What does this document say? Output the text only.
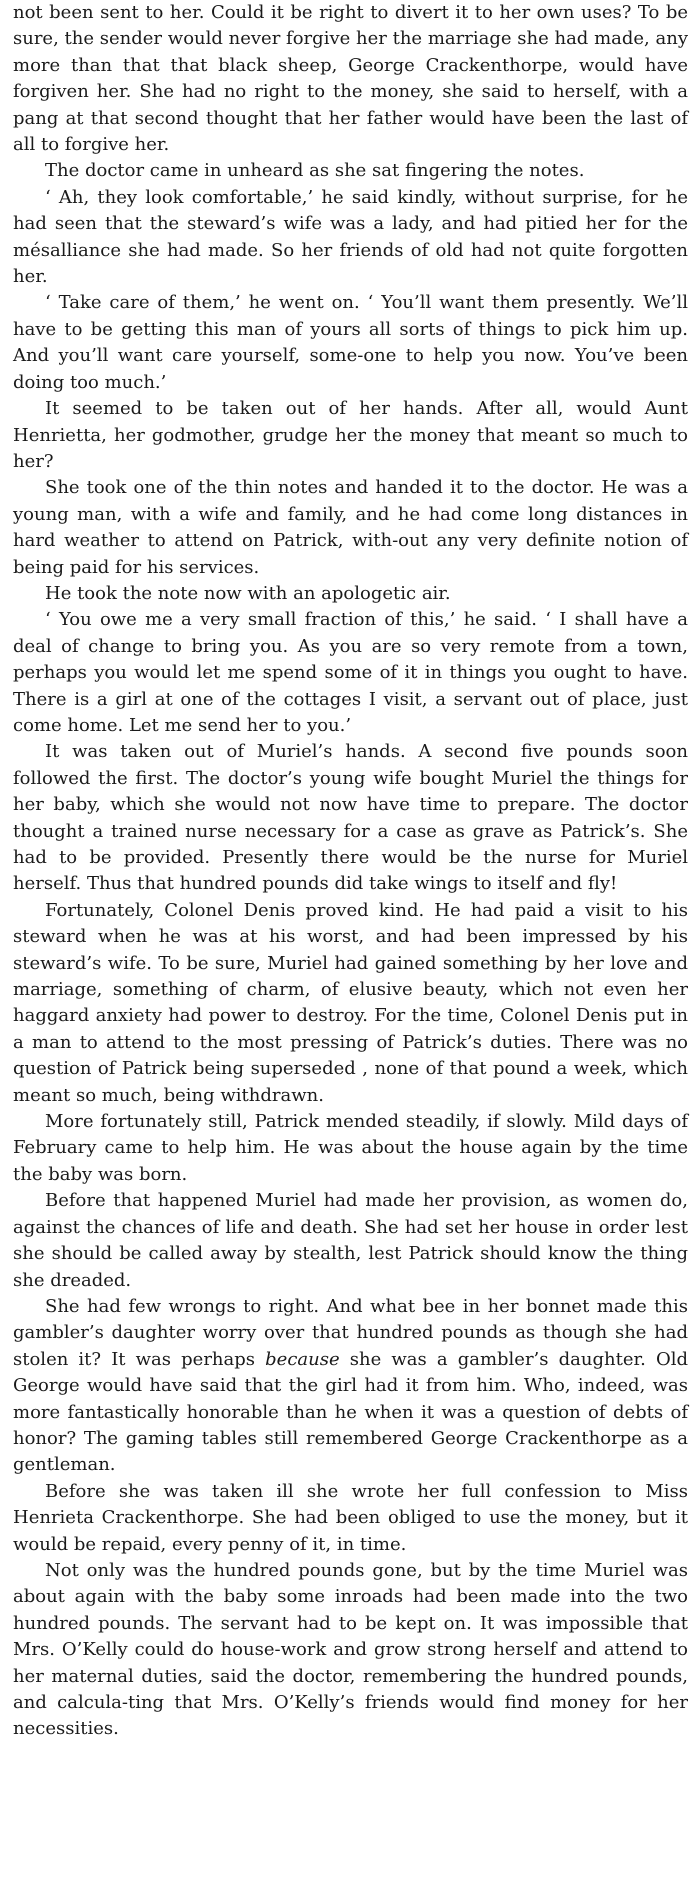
not been sent to her. Could it be right to divert it to her own uses? To be sure, the sender would never forgive her the marriage she had made, any more than that that black sheep, George Crackenthorpe, would have forgiven her. She had no right to the money, she said to herself, with a pang at that second thought that her father would have been the last of all to forgive her.

The doctor came in unheard as she sat fingering the notes.

‘ Ah, they look comfortable,’ he said kindly, without surprise, for he had seen that the steward’s wife was a lady, and had pitied her for the mésalliance she had made. So her friends of old had not quite forgotten her.

‘ Take care of them,’ he went on. ‘ You’ll want them presently. We’ll have to be getting this man of yours all sorts of things to pick him up. And you’ll want care yourself, some-one to help you now. You’ve been doing too much.’

It seemed to be taken out of her hands. After all, would Aunt Henrietta, her godmother, grudge her the money that meant so much to her?

She took one of the thin notes and handed it to the doctor. He was a young man, with a wife and family, and he had come long distances in hard weather to attend on Patrick, with-out any very definite notion of being paid for his services.

He took the note now with an apologetic air.

‘ You owe me a very small fraction of this,’ he said. ‘ I shall have a deal of change to bring you. As you are so very remote from a town, perhaps you would let me spend some of it in things you ought to have. There is a girl at one of the cottages I visit, a servant out of place, just come home. Let me send her to you.’

It was taken out of Muriel’s hands. A second five pounds soon followed the first. The doctor’s young wife bought Muriel the things for her baby, which she would not now have time to prepare. The doctor thought a trained nurse necessary for a case as grave as Patrick’s. She had to be provided. Presently there would be the nurse for Muriel herself. Thus that hundred pounds did take wings to itself and fly!

Fortunately, Colonel Denis proved kind. He had paid a visit to his steward when he was at his worst, and had been impressed by his steward’s wife. To be sure, Muriel had gained something by her love and marriage, something of charm, of elusive beauty, which not even her haggard anxiety had power to destroy. For the time, Colonel Denis put in a man to attend to the most pressing of Patrick’s duties. There was no question of Patrick being superseded , none of that pound a week, which meant so much, being withdrawn.

More fortunately still, Patrick mended steadily, if slowly. Mild days of February came to help him. He was about the house again by the time the baby was born.

Before that happened Muriel had made her provision, as women do, against the chances of life and death. She had set her house in order lest she should be called away by stealth, lest Patrick should know the thing she dreaded.

She had few wrongs to right. And what bee in her bonnet made this gambler’s daughter worry over that hundred pounds as though she had stolen it? It was perhaps because she was a gambler’s daughter. Old George would have said that the girl had it from him. Who, indeed, was more fantastically honorable than he when it was a question of debts of honor? The gaming tables still remembered George Crackenthorpe as a gentleman.

Before she was taken ill she wrote her full confession to Miss Henrieta Crackenthorpe. She had been obliged to use the money, but it would be repaid, every penny of it, in time.

Not only was the hundred pounds gone, but by the time Muriel was about again with the baby some inroads had been made into the two hundred pounds. The servant had to be kept on. It was impossible that Mrs. O’Kelly could do house-work and grow strong herself and attend to her maternal duties, said the doctor, remembering the hundred pounds, and calcula-ting that Mrs. O’Kelly’s friends would find money for her necessities.
